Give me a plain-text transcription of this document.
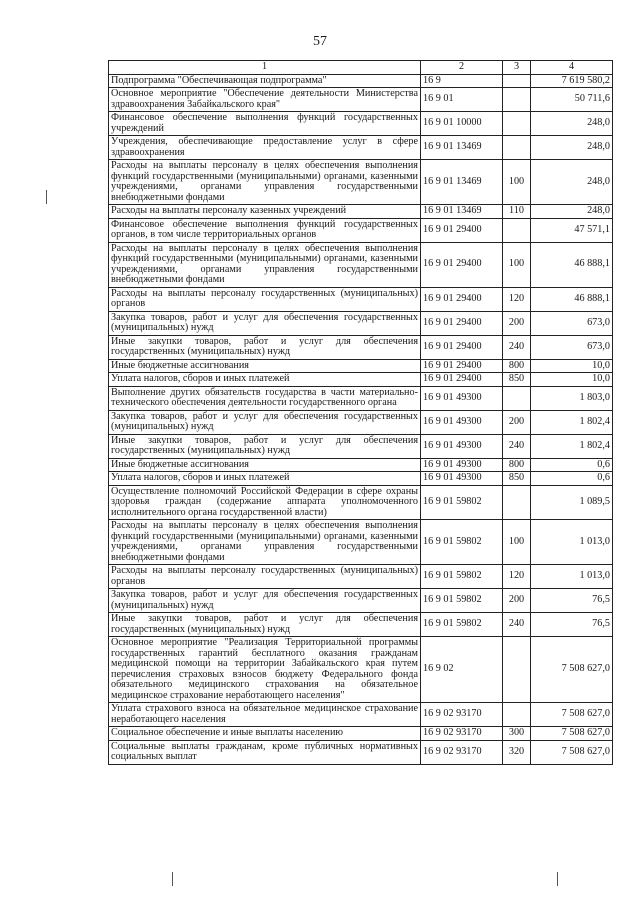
57
1	2	3	4
Подпрограмма "Обеспечивающая подпрограмма"	16 9		7 619 580,2
Основное мероприятие "Обеспечение деятельности Министерства здравоохранения Забайкальского края"	16 9 01		50 711,6
Финансовое обеспечение выполнения функций государственных учреждений	16 9 01 10000		248,0
Учреждения, обеспечивающие предоставление услуг в сфере здравоохранения	16 9 01 13469		248,0
Расходы на выплаты персоналу в целях обеспечения выполнения функций государственными (муниципальными) органами, казенными учреждениями, органами управления государственными внебюджетными фондами	16 9 01 13469	100	248,0
Расходы на выплаты персоналу казенных учреждений	16 9 01 13469	110	248,0
Финансовое обеспечение выполнения функций государственных органов, в том числе территориальных органов	16 9 01 29400		47 571,1
Расходы на выплаты персоналу в целях обеспечения выполнения функций государственными (муниципальными) органами, казенными учреждениями, органами управления государственными внебюджетными фондами	16 9 01 29400	100	46 888,1
Расходы на выплаты персоналу государственных (муниципальных) органов	16 9 01 29400	120	46 888,1
Закупка товаров, работ и услуг для обеспечения государственных (муниципальных) нужд	16 9 01 29400	200	673,0
Иные закупки товаров, работ и услуг для обеспечения государственных (муниципальных) нужд	16 9 01 29400	240	673,0
Иные бюджетные ассигнования	16 9 01 29400	800	10,0
Уплата налогов, сборов и иных платежей	16 9 01 29400	850	10,0
Выполнение других обязательств государства в части материально-технического обеспечения деятельности государственного органа	16 9 01 49300		1 803,0
Закупка товаров, работ и услуг для обеспечения государственных (муниципальных) нужд	16 9 01 49300	200	1 802,4
Иные закупки товаров, работ и услуг для обеспечения государственных (муниципальных) нужд	16 9 01 49300	240	1 802,4
Иные бюджетные ассигнования	16 9 01 49300	800	0,6
Уплата налогов, сборов и иных платежей	16 9 01 49300	850	0,6
Осуществление полномочий Российской Федерации в сфере охраны здоровья граждан (содержание аппарата уполномоченного исполнительного органа государственной власти)	16 9 01 59802		1 089,5
Расходы на выплаты персоналу в целях обеспечения выполнения функций государственными (муниципальными) органами, казенными учреждениями, органами управления государственными внебюджетными фондами	16 9 01 59802	100	1 013,0
Расходы на выплаты персоналу государственных (муниципальных) органов	16 9 01 59802	120	1 013,0
Закупка товаров, работ и услуг для обеспечения государственных (муниципальных) нужд	16 9 01 59802	200	76,5
Иные закупки товаров, работ и услуг для обеспечения государственных (муниципальных) нужд	16 9 01 59802	240	76,5
Основное мероприятие "Реализация Территориальной программы государственных гарантий бесплатного оказания гражданам медицинской помощи на территории Забайкальского края путем перечисления страховых взносов бюджету Федерального фонда обязательного медицинского страхования на обязательное медицинское страхование неработающего населения"	16 9 02		7 508 627,0
Уплата страхового взноса на обязательное медицинское страхование неработающего населения	16 9 02 93170		7 508 627,0
Социальное обеспечение и иные выплаты населению	16 9 02 93170	300	7 508 627,0
Социальные выплаты гражданам, кроме публичных нормативных социальных выплат	16 9 02 93170	320	7 508 627,0
